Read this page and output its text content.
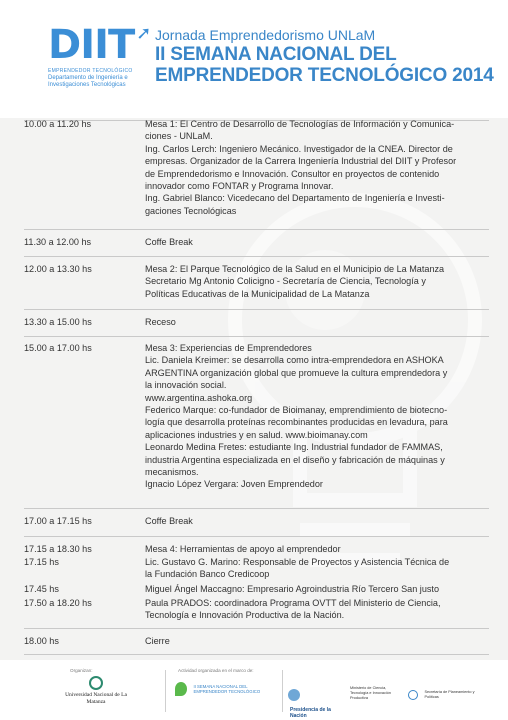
DIIT ➚
EMPRENDEDOR TECNOLÓGICO
Departamento de Ingeniería e Investigaciones Tecnológicas
Jornada Emprendedorismo UNLaM
II SEMANA NACIONAL DEL
EMPRENDEDOR TECNOLÓGICO 2014
10.00 a 11.20 hs	Mesa 1: El Centro de Desarrollo de Tecnologías de Información y Comunica-
ciones - UNLaM.
Ing. Carlos Lerch: Ingeniero Mecánico. Investigador de la CNEA. Director de
empresas. Organizador de la Carrera Ingeniería Industrial del DIIT y Profesor
de Emprendedorismo e Innovación. Consultor en proyectos de contenido
innovador como FONTAR y Programa Innovar.
Ing. Gabriel Blanco: Vicedecano del Departamento de Ingeniería e Investi-
gaciones Tecnológicas
11.30 a 12.00 hs	Coffe Break
12.00 a 13.30 hs	Mesa 2: El Parque Tecnológico de la Salud en el Municipio de La Matanza
Secretario Mg Antonio Colicigno - Secretaría de Ciencia, Tecnología y
Políticas Educativas de la Municipalidad de La Matanza
13.30 a 15.00 hs	Receso
15.00 a 17.00 hs	Mesa 3: Experiencias de Emprendedores
Lic. Daniela Kreimer: se desarrolla como intra-emprendedora en ASHOKA
ARGENTINA organización global que promueve la cultura emprendedora y
la innovación social.
www.argentina.ashoka.org
Federico Marque: co-fundador de Bioimanay, emprendimiento de biotecno-
logía que desarrolla proteínas recombinantes producidas en levadura, para
aplicaciones industries y en salud. www.bioimanay.com
Leonardo Medina Fretes: estudiante Ing. Industrial fundador de FAMMAS,
industria Argentina especializada en el diseño y fabricación de máquinas y
mecanismos.
Ignacio López Vergara: Joven Emprendedor
17.00 a 17.15 hs	Coffe Break
17.15 a 18.30 hs	Mesa 4: Herramientas de apoyo al emprendedor
17.15 hs	Lic. Gustavo G. Marino: Responsable de Proyectos y Asistencia Técnica de
la Fundación Banco Credicoop
17.45 hs	Miguel Ángel Maccagno: Empresario Agroindustria Río Tercero San justo
17.50 a 18.20 hs	Paula PRADOS: coordinadora Programa OVTT del Ministerio de Ciencia,
Tecnología e Innovación Productiva de la Nación.
18.00 hs	Cierre
Organizan:	Actividad organizada en el marco de:
Universidad Nacional de La Matanza
II SEMANA NACIONAL DEL EMPRENDEDOR TECNOLÓGICO
Presidencia de la Nación
Ministerio de Ciencia, Tecnología e Innovación Productiva
Secretaría de Planeamiento y Políticas
